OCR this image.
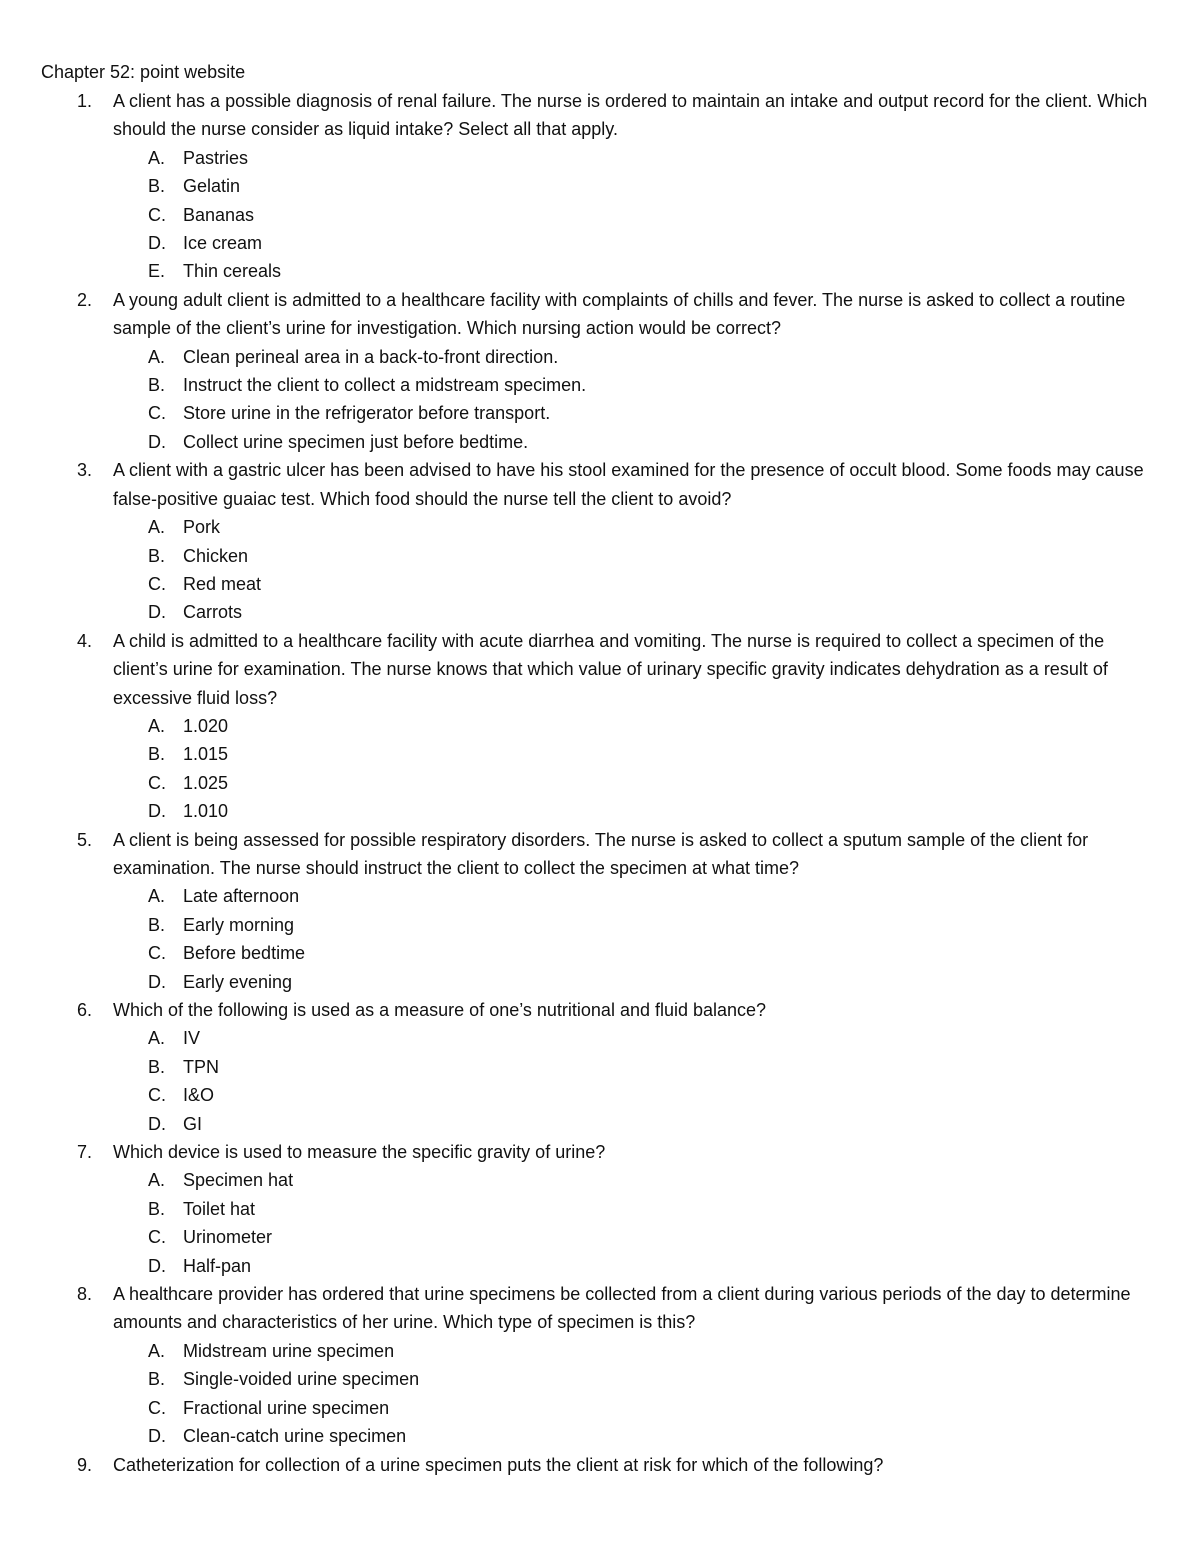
Chapter 52: point website
1. A client has a possible diagnosis of renal failure. The nurse is ordered to maintain an intake and output record for the client. Which should the nurse consider as liquid intake? Select all that apply.
A. Pastries
B. Gelatin
C. Bananas
D. Ice cream
E. Thin cereals
2. A young adult client is admitted to a healthcare facility with complaints of chills and fever. The nurse is asked to collect a routine sample of the client’s urine for investigation. Which nursing action would be correct?
A. Clean perineal area in a back-to-front direction.
B. Instruct the client to collect a midstream specimen.
C. Store urine in the refrigerator before transport.
D. Collect urine specimen just before bedtime.
3. A client with a gastric ulcer has been advised to have his stool examined for the presence of occult blood. Some foods may cause false-positive guaiac test. Which food should the nurse tell the client to avoid?
A. Pork
B. Chicken
C. Red meat
D. Carrots
4. A child is admitted to a healthcare facility with acute diarrhea and vomiting. The nurse is required to collect a specimen of the client’s urine for examination. The nurse knows that which value of urinary specific gravity indicates dehydration as a result of excessive fluid loss?
A. 1.020
B. 1.015
C. 1.025
D. 1.010
5. A client is being assessed for possible respiratory disorders. The nurse is asked to collect a sputum sample of the client for examination. The nurse should instruct the client to collect the specimen at what time?
A. Late afternoon
B. Early morning
C. Before bedtime
D. Early evening
6. Which of the following is used as a measure of one’s nutritional and fluid balance?
A. IV
B. TPN
C. I&O
D. GI
7. Which device is used to measure the specific gravity of urine?
A. Specimen hat
B. Toilet hat
C. Urinometer
D. Half-pan
8. A healthcare provider has ordered that urine specimens be collected from a client during various periods of the day to determine amounts and characteristics of her urine. Which type of specimen is this?
A. Midstream urine specimen
B. Single-voided urine specimen
C. Fractional urine specimen
D. Clean-catch urine specimen
9. Catheterization for collection of a urine specimen puts the client at risk for which of the following?
